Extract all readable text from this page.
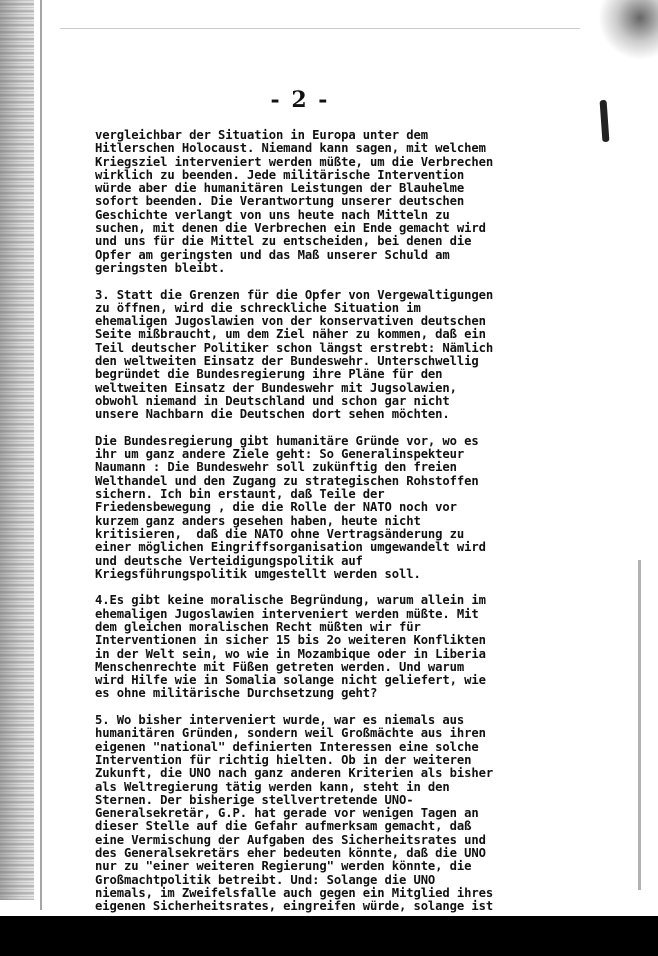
- 2 -
vergleichbar der Situation in Europa unter dem
Hitlerschen Holocaust. Niemand kann sagen, mit welchem
Kriegsziel interveniert werden müßte, um die Verbrechen
wirklich zu beenden. Jede militärische Intervention
würde aber die humanitären Leistungen der Blauhelme
sofort beenden. Die Verantwortung unserer deutschen
Geschichte verlangt von uns heute nach Mitteln zu
suchen, mit denen die Verbrechen ein Ende gemacht wird
und uns für die Mittel zu entscheiden, bei denen die
Opfer am geringsten und das Maß unserer Schuld am
geringsten bleibt.
3. Statt die Grenzen für die Opfer von Vergewaltigungen
zu öffnen, wird die schreckliche Situation im
ehemaligen Jugoslawien von der konservativen deutschen
Seite mißbraucht, um dem Ziel näher zu kommen, daß ein
Teil deutscher Politiker schon längst erstrebt: Nämlich
den weltweiten Einsatz der Bundeswehr. Unterschwellig
begründet die Bundesregierung ihre Pläne für den
weltweiten Einsatz der Bundeswehr mit Jugsolawien,
obwohl niemand in Deutschland und schon gar nicht
unsere Nachbarn die Deutschen dort sehen möchten.
Die Bundesregierung gibt humanitäre Gründe vor, wo es
ihr um ganz andere Ziele geht: So Generalinspekteur
Naumann : Die Bundeswehr soll zukünftig den freien
Welthandel und den Zugang zu strategischen Rohstoffen
sichern. Ich bin erstaunt, daß Teile der
Friedensbewegung , die die Rolle der NATO noch vor
kurzem ganz anders gesehen haben, heute nicht
kritisieren,  daß die NATO ohne Vertragsänderung zu
einer möglichen Eingriffsorganisation umgewandelt wird
und deutsche Verteidigungspolitik auf
Kriegsführungspolitik umgestellt werden soll.
4.Es gibt keine moralische Begründung, warum allein im
ehemaligen Jugoslawien interveniert werden müßte. Mit
dem gleichen moralischen Recht müßten wir für
Interventionen in sicher 15 bis 2o weiteren Konflikten
in der Welt sein, wo wie in Mozambique oder in Liberia
Menschenrechte mit Füßen getreten werden. Und warum
wird Hilfe wie in Somalia solange nicht geliefert, wie
es ohne militärische Durchsetzung geht?
5. Wo bisher interveniert wurde, war es niemals aus
humanitären Gründen, sondern weil Großmächte aus ihren
eigenen "national" definierten Interessen eine solche
Intervention für richtig hielten. Ob in der weiteren
Zukunft, die UNO nach ganz anderen Kriterien als bisher
als Weltregierung tätig werden kann, steht in den
Sternen. Der bisherige stellvertretende UNO-
Generalsekretär, G.P. hat gerade vor wenigen Tagen an
dieser Stelle auf die Gefahr aufmerksam gemacht, daß
eine Vermischung der Aufgaben des Sicherheitsrates und
des Generalsekretärs eher bedeuten könnte, daß die UNO
nur zu "einer weiteren Regierung" werden könnte, die
Großmachtpolitik betreibt. Und: Solange die UNO
niemals, im Zweifelsfalle auch gegen ein Mitglied ihres
eigenen Sicherheitsrates, eingreifen würde, solange ist
